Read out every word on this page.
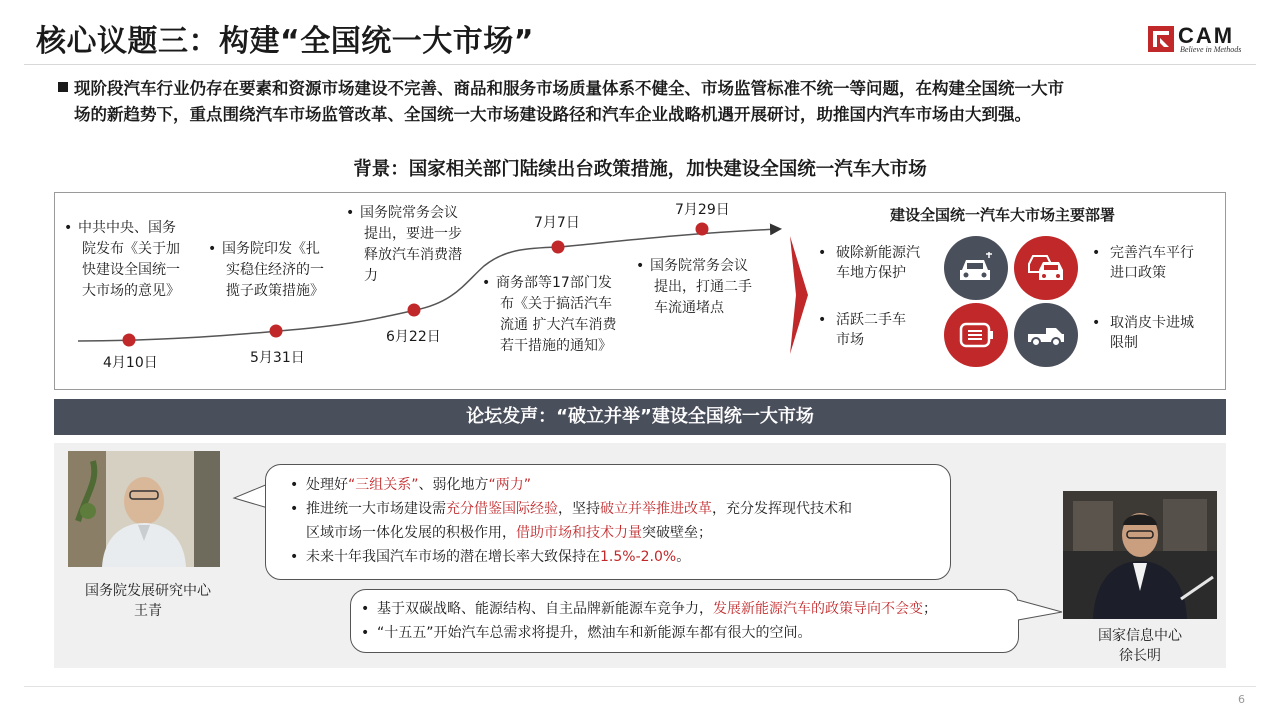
核心议题三：构建“全国统一大市场”	CAM
Believe in Methods
现阶段汽车行业仍存在要素和资源市场建设不完善、商品和服务市场质量体系不健全、市场监管标准不统一等问题，在构建全国统一大市
场的新趋势下，重点围绕汽车市场监管改革、全国统一大市场建设路径和汽车企业战略机遇开展研讨，助推国内汽车市场由大到强。
背景：国家相关部门陆续出台政策措施，加快建设全国统一汽车大市场
• 中共中央、国务
院发布《关于加
快建设全国统一
大市场的意见》
4月10日
• 国务院印发《扎
实稳住经济的一
揽子政策措施》
5月31日
• 国务院常务会议
提出，要进一步
释放汽车消费潜
力
6月22日
7月7日
• 商务部等17部门发
布《关于搞活汽车
流通 扩大汽车消费
若干措施的通知》
7月29日
• 国务院常务会议
提出，打通二手
车流通堵点
建设全国统一汽车大市场主要部署
• 破除新能源汽
车地方保护
• 活跃二手车
市场
• 完善汽车平行
进口政策
• 取消皮卡进城
限制
论坛发声：“破立并举”建设全国统一大市场
国务院发展研究中心
王青
• 处理好“三组关系”、弱化地方“两力”
• 推进统一大市场建设需充分借鉴国际经验，坚持破立并举推进改革，充分发挥现代技术和
区域市场一体化发展的积极作用，借助市场和技术力量突破壁垒；
• 未来十年我国汽车市场的潜在增长率大致保持在1.5%-2.0%。
• 基于双碳战略、能源结构、自主品牌新能源车竞争力，发展新能源汽车的政策导向不会变；
• “十五五”开始汽车总需求将提升，燃油车和新能源车都有很大的空间。	国家信息中心
徐长明
6
